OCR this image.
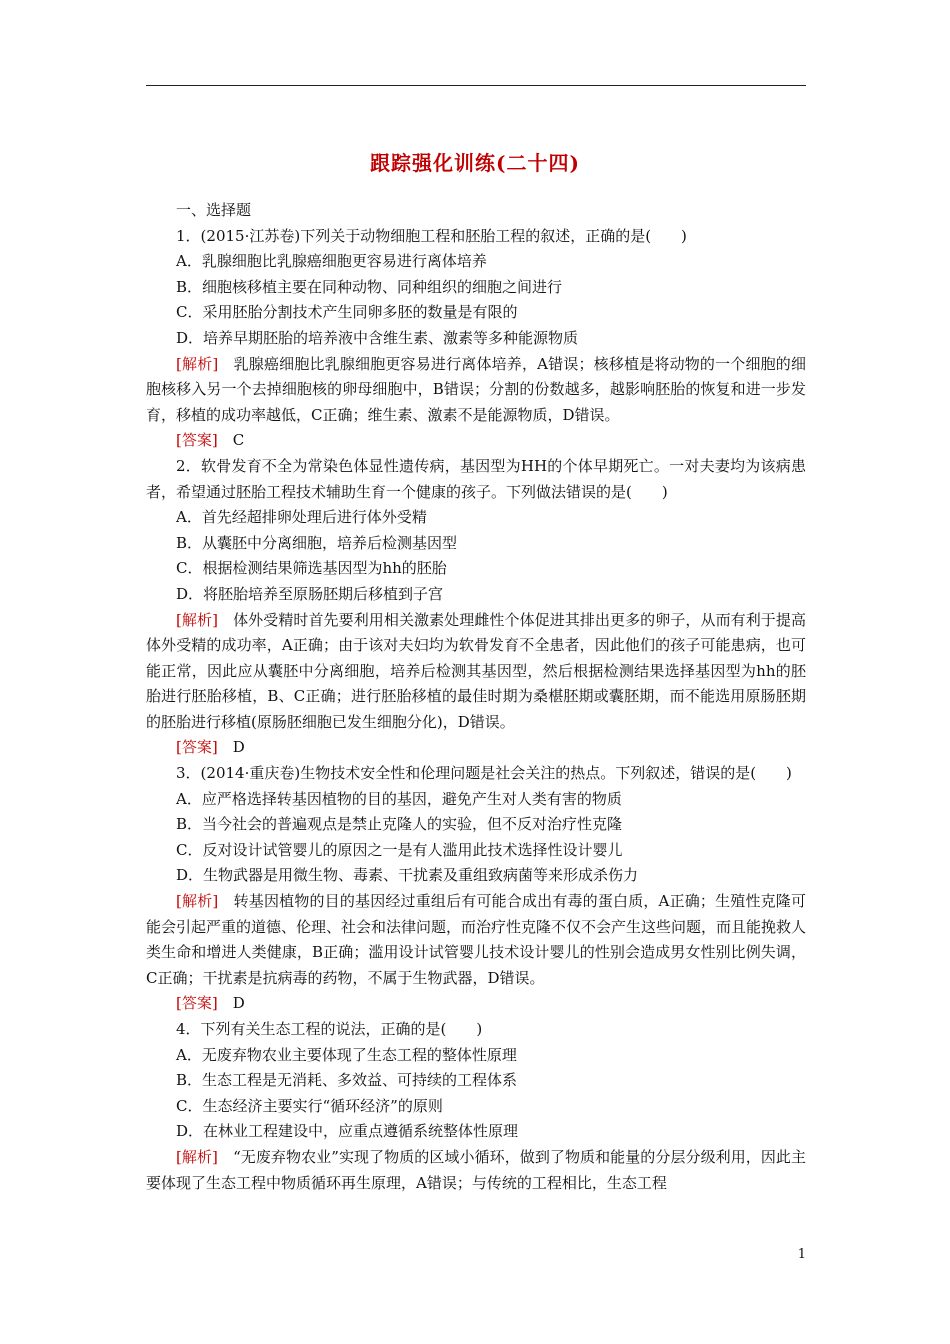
跟踪强化训练(二十四)

一、选择题

1．(2015·江苏卷)下列关于动物细胞工程和胚胎工程的叙述，正确的是(　　)

A．乳腺细胞比乳腺癌细胞更容易进行离体培养

B．细胞核移植主要在同种动物、同种组织的细胞之间进行

C．采用胚胎分割技术产生同卵多胚的数量是有限的

D．培养早期胚胎的培养液中含维生素、激素等多种能源物质

[解析]　 乳腺癌细胞比乳腺细胞更容易进行离体培养，A错误；核移植是将动物的一个细胞的细胞核移入另一个去掉细胞核的卵母细胞中，B错误；分割的份数越多，越影响胚胎的恢复和进一步发育，移植的成功率越低，C正确；维生素、激素不是能源物质，D错误。

[答案]　 C

2．软骨发育不全为常染色体显性遗传病，基因型为HH的个体早期死亡。一对夫妻均为该病患者，希望通过胚胎工程技术辅助生育一个健康的孩子。下列做法错误的是(　　)

A．首先经超排卵处理后进行体外受精

B．从囊胚中分离细胞，培养后检测基因型

C．根据检测结果筛选基因型为hh的胚胎

D．将胚胎培养至原肠胚期后移植到子宫

[解析]　 体外受精时首先要利用相关激素处理雌性个体促进其排出更多的卵子，从而有利于提高体外受精的成功率，A正确；由于该对夫妇均为软骨发育不全患者，因此他们的孩子可能患病，也可能正常，因此应从囊胚中分离细胞，培养后检测其基因型，然后根据检测结果选择基因型为hh的胚胎进行胚胎移植，B、C正确；进行胚胎移植的最佳时期为桑椹胚期或囊胚期，而不能选用原肠胚期的胚胎进行移植(原肠胚细胞已发生细胞分化)，D错误。

[答案]　 D

3．(2014·重庆卷)生物技术安全性和伦理问题是社会关注的热点。下列叙述，错误的是(　　)

A．应严格选择转基因植物的目的基因，避免产生对人类有害的物质

B．当今社会的普遍观点是禁止克隆人的实验，但不反对治疗性克隆

C．反对设计试管婴儿的原因之一是有人滥用此技术选择性设计婴儿

D．生物武器是用微生物、毒素、干扰素及重组致病菌等来形成杀伤力

[解析]　 转基因植物的目的基因经过重组后有可能合成出有毒的蛋白质，A正确；生殖性克隆可能会引起严重的道德、伦理、社会和法律问题，而治疗性克隆不仅不会产生这些问题，而且能挽救人类生命和增进人类健康，B正确；滥用设计试管婴儿技术设计婴儿的性别会造成男女性别比例失调，C正确；干扰素是抗病毒的药物，不属于生物武器，D错误。

[答案]　 D

4．下列有关生态工程的说法，正确的是(　　)

A．无废弃物农业主要体现了生态工程的整体性原理

B．生态工程是无消耗、多效益、可持续的工程体系

C．生态经济主要实行“循环经济”的原则

D．在林业工程建设中，应重点遵循系统整体性原理

[解析]　 “无废弃物农业”实现了物质的区域小循环，做到了物质和能量的分层分级利用，因此主要体现了生态工程中物质循环再生原理，A错误；与传统的工程相比，生态工程

1
